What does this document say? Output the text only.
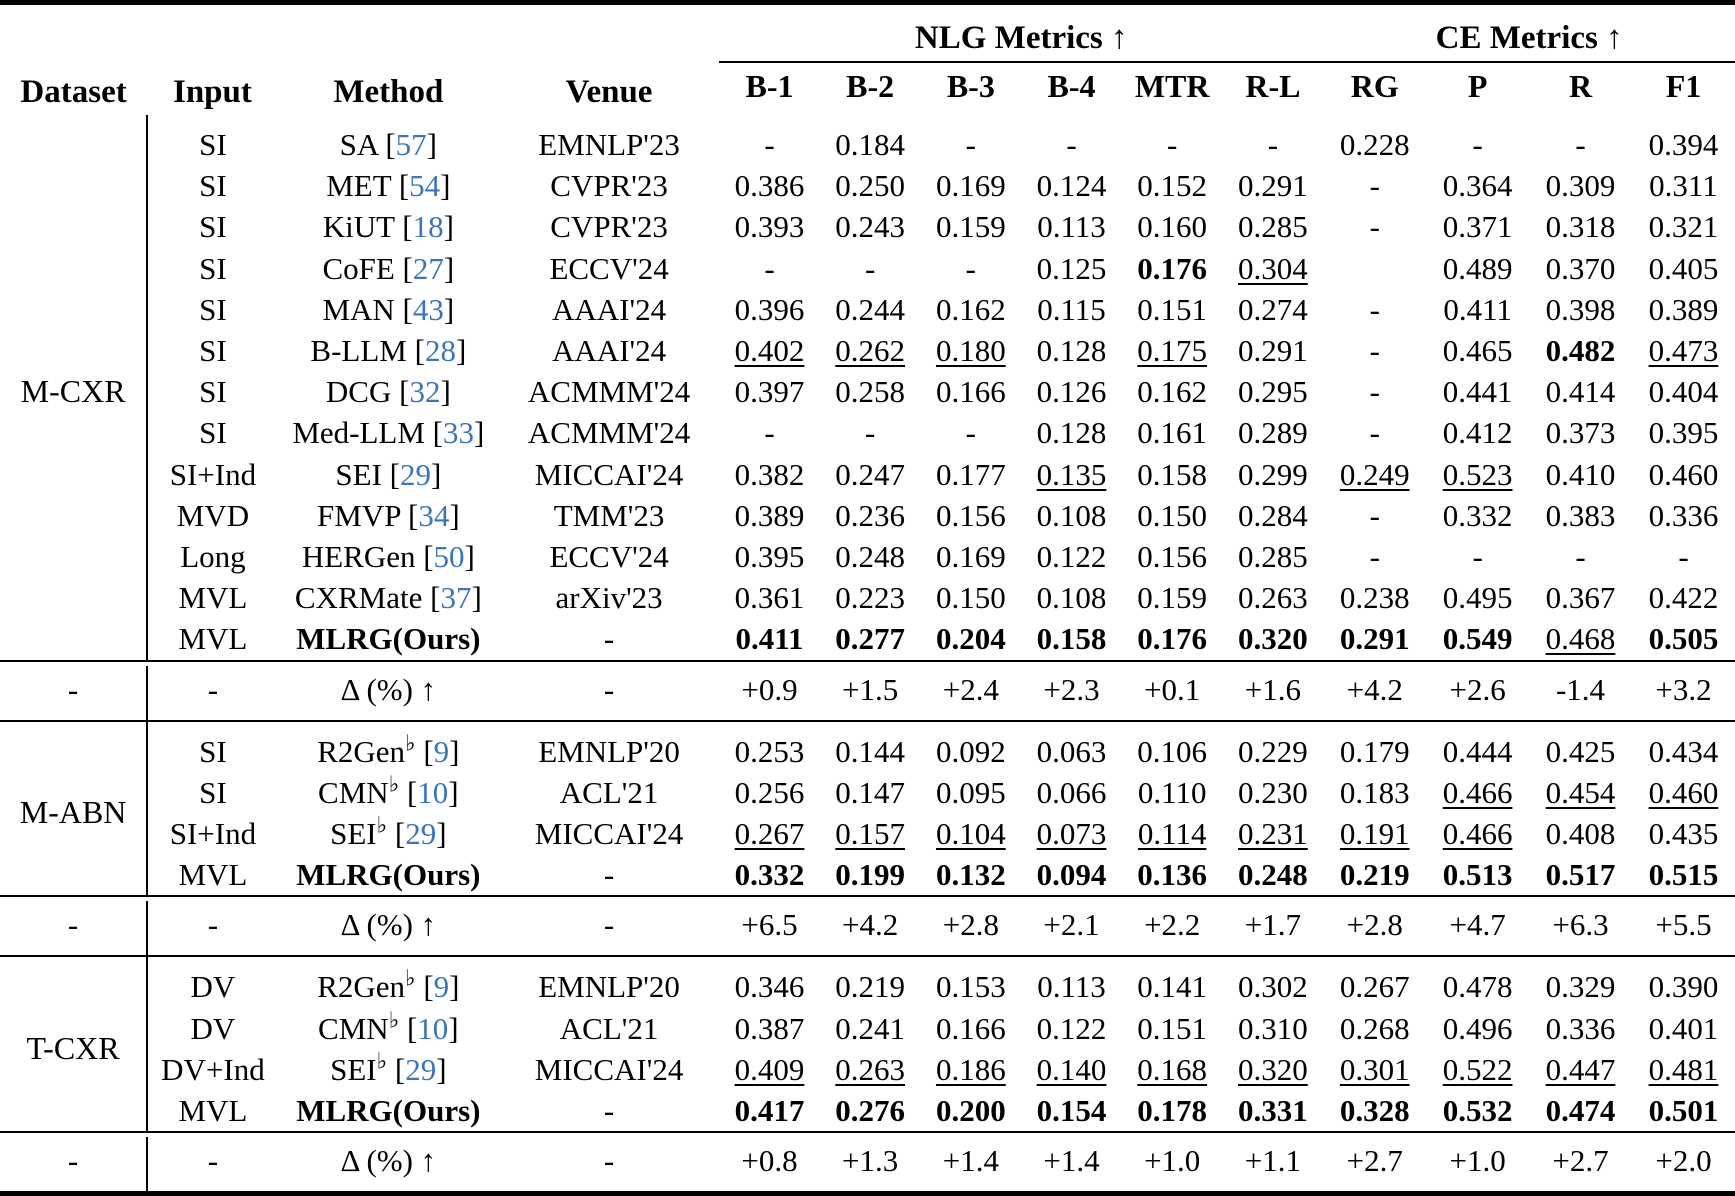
Dataset	Input	Method	Venue	NLG Metrics ↑						CE Metrics ↑			
				B-1	B-2	B-3	B-4	MTR	R-L	RG	P	R	F1

M-CXR	SI	SA [57]	EMNLP'23	-	0.184	-	-	-	-	0.228	-	-	0.394
	SI	MET [54]	CVPR'23	0.386	0.250	0.169	0.124	0.152	0.291	-	0.364	0.309	0.311
	SI	KiUT [18]	CVPR'23	0.393	0.243	0.159	0.113	0.160	0.285	-	0.371	0.318	0.321
	SI	CoFE [27]	ECCV'24	-	-	-	0.125	0.176	0.304		0.489	0.370	0.405
	SI	MAN [43]	AAAI'24	0.396	0.244	0.162	0.115	0.151	0.274	-	0.411	0.398	0.389
	SI	B-LLM [28]	AAAI'24	0.402	0.262	0.180	0.128	0.175	0.291	-	0.465	0.482	0.473
	SI	DCG [32]	ACMMM'24	0.397	0.258	0.166	0.126	0.162	0.295	-	0.441	0.414	0.404
	SI	Med-LLM [33]	ACMMM'24	-	-	-	0.128	0.161	0.289	-	0.412	0.373	0.395
	SI+Ind	SEI [29]	MICCAI'24	0.382	0.247	0.177	0.135	0.158	0.299	0.249	0.523	0.410	0.460
	MVD	FMVP [34]	TMM'23	0.389	0.236	0.156	0.108	0.150	0.284	-	0.332	0.383	0.336
	Long	HERGen [50]	ECCV'24	0.395	0.248	0.169	0.122	0.156	0.285	-	-	-	-
	MVL	CXRMate [37]	arXiv'23	0.361	0.223	0.150	0.108	0.159	0.263	0.238	0.495	0.367	0.422
	MVL	MLRG(Ours)	-	0.411	0.277	0.204	0.158	0.176	0.320	0.291	0.549	0.468	0.505

-	-	Δ (%) ↑	-	+0.9	+1.5	+2.4	+2.3	+0.1	+1.6	+4.2	+2.6	-1.4	+3.2

M-ABN	SI	R2Gen♭ [9]	EMNLP'20	0.253	0.144	0.092	0.063	0.106	0.229	0.179	0.444	0.425	0.434
	SI	CMN♭ [10]	ACL'21	0.256	0.147	0.095	0.066	0.110	0.230	0.183	0.466	0.454	0.460
	SI+Ind	SEI♭ [29]	MICCAI'24	0.267	0.157	0.104	0.073	0.114	0.231	0.191	0.466	0.408	0.435
	MVL	MLRG(Ours)	-	0.332	0.199	0.132	0.094	0.136	0.248	0.219	0.513	0.517	0.515

-	-	Δ (%) ↑	-	+6.5	+4.2	+2.8	+2.1	+2.2	+1.7	+2.8	+4.7	+6.3	+5.5

T-CXR	DV	R2Gen♭ [9]	EMNLP'20	0.346	0.219	0.153	0.113	0.141	0.302	0.267	0.478	0.329	0.390
	DV	CMN♭ [10]	ACL'21	0.387	0.241	0.166	0.122	0.151	0.310	0.268	0.496	0.336	0.401
	DV+Ind	SEI♭ [29]	MICCAI'24	0.409	0.263	0.186	0.140	0.168	0.320	0.301	0.522	0.447	0.481
	MVL	MLRG(Ours)	-	0.417	0.276	0.200	0.154	0.178	0.331	0.328	0.532	0.474	0.501

-	-	Δ (%) ↑	-	+0.8	+1.3	+1.4	+1.4	+1.0	+1.1	+2.7	+1.0	+2.7	+2.0
